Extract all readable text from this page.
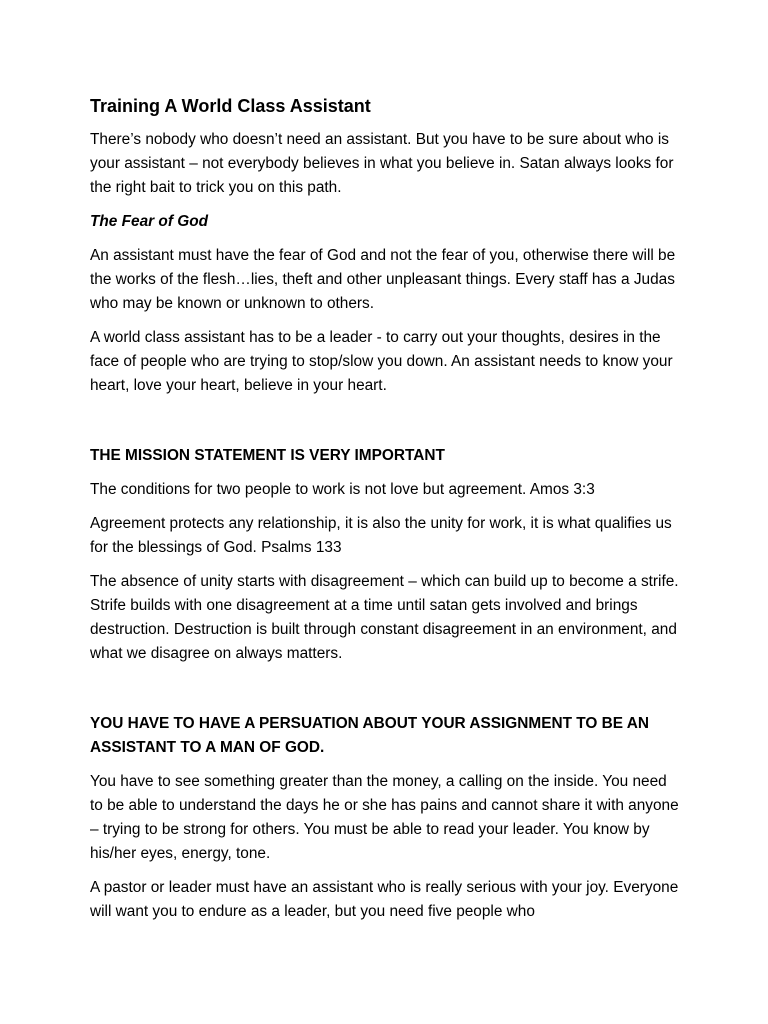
Training A World Class Assistant

There’s nobody who doesn’t need an assistant. But you have to be sure about who is your assistant – not everybody believes in what you believe in. Satan always looks for the right bait to trick you on this path.

The Fear of God

An assistant must have the fear of God and not the fear of you, otherwise there will be the works of the flesh…lies, theft and other unpleasant things. Every staff has a Judas who may be known or unknown to others.

A world class assistant has to be a leader - to carry out your thoughts, desires in the face of people who are trying to stop/slow you down. An assistant needs to know your heart, love your heart, believe in your heart.

THE MISSION STATEMENT IS VERY IMPORTANT

The conditions for two people to work is not love but agreement. Amos 3:3

Agreement protects any relationship, it is also the unity for work, it is what qualifies us for the blessings of God. Psalms 133

The absence of unity starts with disagreement – which can build up to become a strife. Strife builds with one disagreement at a time until satan gets involved and brings destruction. Destruction is built through constant disagreement in an environment, and what we disagree on always matters.

YOU HAVE TO HAVE A PERSUATION ABOUT YOUR ASSIGNMENT TO BE AN ASSISTANT TO A MAN OF GOD.

You have to see something greater than the money, a calling on the inside. You need to be able to understand the days he or she has pains and cannot share it with anyone – trying to be strong for others. You must be able to read your leader. You know by his/her eyes, energy, tone.

A pastor or leader must have an assistant who is really serious with your joy. Everyone will want you to endure as a leader, but you need five people who
